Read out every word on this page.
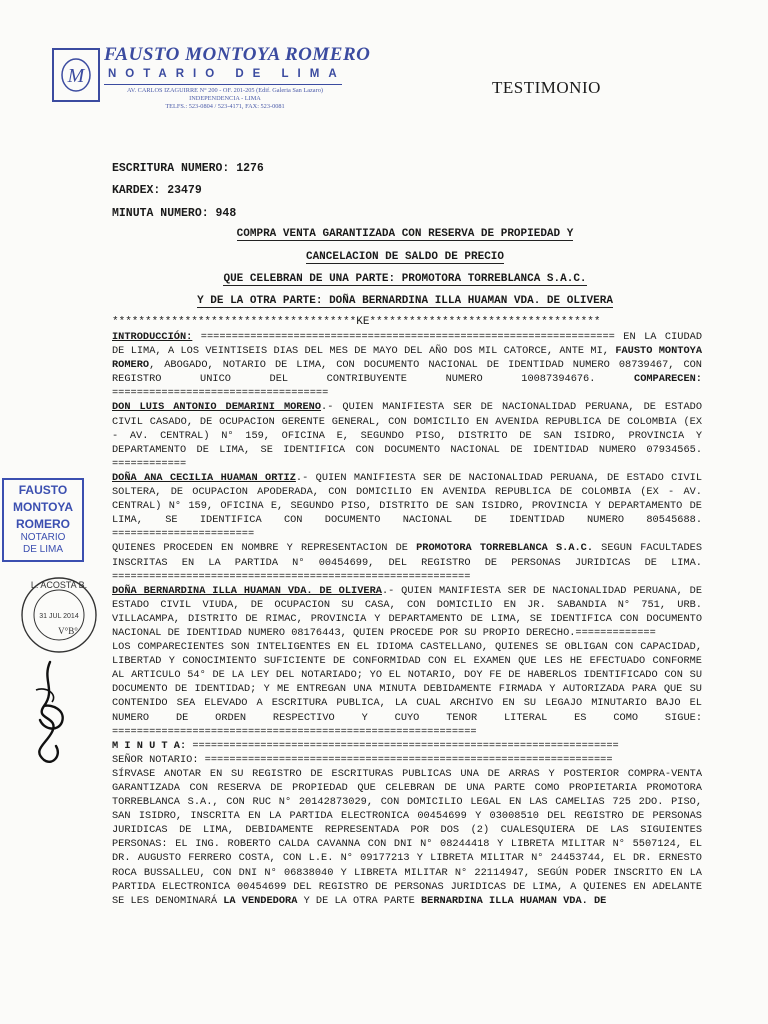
M
FAUSTO MONTOYA ROMERO
NOTARIO DE LIMA
AV. CARLOS IZAGUIRRE N° 200 - OF. 201-205 (Edif. Galeria San Lazaro)
INDEPENDENCIA - LIMA
TELFS.: 523-0804 / 523-4171, FAX: 523-0081
TESTIMONIO
ESCRITURA NUMERO: 1276
KARDEX: 23479
MINUTA NUMERO: 948
COMPRA VENTA GARANTIZADA CON RESERVA DE PROPIEDAD Y
CANCELACION DE SALDO DE PRECIO
QUE CELEBRAN DE UNA PARTE: PROMOTORA TORREBLANCA S.A.C.
Y DE LA OTRA PARTE: DOÑA BERNARDINA ILLA HUAMAN VDA. DE OLIVERA
*************************************KE***********************************

INTRODUCCIÓN: =================================================================== EN LA CIUDAD DE LIMA, A LOS VEINTISEIS DIAS DEL MES DE MAYO DEL AÑO DOS MIL CATORCE, ANTE MI, FAUSTO MONTOYA ROMERO, ABOGADO, NOTARIO DE LIMA, CON DOCUMENTO NACIONAL DE IDENTIDAD NUMERO 08739467, CON REGISTRO UNICO DEL CONTRIBUYENTE NUMERO 10087394676. COMPARECEN: ===================================

DON LUIS ANTONIO DEMARINI MORENO.- QUIEN MANIFIESTA SER DE NACIONALIDAD PERUANA, DE ESTADO CIVIL CASADO, DE OCUPACION GERENTE GENERAL, CON DOMICILIO EN AVENIDA REPUBLICA DE COLOMBIA (EX - AV. CENTRAL) N° 159, OFICINA E, SEGUNDO PISO, DISTRITO DE SAN ISIDRO, PROVINCIA Y DEPARTAMENTO DE LIMA, SE IDENTIFICA CON DOCUMENTO NACIONAL DE IDENTIDAD NUMERO 07934565. ============

DOÑA ANA CECILIA HUAMAN ORTIZ.- QUIEN MANIFIESTA SER DE NACIONALIDAD PERUANA, DE ESTADO CIVIL SOLTERA, DE OCUPACION APODERADA, CON DOMICILIO EN AVENIDA REPUBLICA DE COLOMBIA (EX - AV. CENTRAL) N° 159, OFICINA E, SEGUNDO PISO, DISTRITO DE SAN ISIDRO, PROVINCIA Y DEPARTAMENTO DE LIMA, SE IDENTIFICA CON DOCUMENTO NACIONAL DE IDENTIDAD NUMERO 80545688. =======================

QUIENES PROCEDEN EN NOMBRE Y REPRESENTACION DE PROMOTORA TORREBLANCA S.A.C. SEGUN FACULTADES INSCRITAS EN LA PARTIDA N° 00454699, DEL REGISTRO DE PERSONAS JURIDICAS DE LIMA. ==========================================================

DOÑA BERNARDINA ILLA HUAMAN VDA. DE OLIVERA.- QUIEN MANIFIESTA SER DE NACIONALIDAD PERUANA, DE ESTADO CIVIL VIUDA, DE OCUPACION SU CASA, CON DOMICILIO EN JR. SABANDIA N° 751, URB. VILLACAMPA, DISTRITO DE RIMAC, PROVINCIA Y DEPARTAMENTO DE LIMA, SE IDENTIFICA CON DOCUMENTO NACIONAL DE IDENTIDAD NUMERO 08176443, QUIEN PROCEDE POR SU PROPIO DERECHO.=============

LOS COMPARECIENTES SON INTELIGENTES EN EL IDIOMA CASTELLANO, QUIENES SE OBLIGAN CON CAPACIDAD, LIBERTAD Y CONOCIMIENTO SUFICIENTE DE CONFORMIDAD CON EL EXAMEN QUE LES HE EFECTUADO CONFORME AL ARTICULO 54° DE LA LEY DEL NOTARIADO; YO EL NOTARIO, DOY FE DE HABERLOS IDENTIFICADO CON SU DOCUMENTO DE IDENTIDAD; Y ME ENTREGAN UNA MINUTA DEBIDAMENTE FIRMADA Y AUTORIZADA PARA QUE SU CONTENIDO SEA ELEVADO A ESCRITURA PUBLICA, LA CUAL ARCHIVO EN SU LEGAJO MINUTARIO BAJO EL NUMERO DE ORDEN RESPECTIVO Y CUYO TENOR LITERAL ES COMO SIGUE: ===========================================================

M I N U T A: =====================================================================

SEÑOR NOTARIO: ==================================================================

SÍRVASE ANOTAR EN SU REGISTRO DE ESCRITURAS PUBLICAS UNA DE ARRAS Y POSTERIOR COMPRA-VENTA GARANTIZADA CON RESERVA DE PROPIEDAD QUE CELEBRAN DE UNA PARTE COMO PROPIETARIA PROMOTORA TORREBLANCA S.A., CON RUC N° 20142873029, CON DOMICILIO LEGAL EN LAS CAMELIAS 725 2DO. PISO, SAN ISIDRO, INSCRITA EN LA PARTIDA ELECTRONICA 00454699 Y 03008510 DEL REGISTRO DE PERSONAS JURIDICAS DE LIMA, DEBIDAMENTE REPRESENTADA POR DOS (2) CUALESQUIERA DE LAS SIGUIENTES PERSONAS: EL ING. ROBERTO CALDA CAVANNA CON DNI N° 08244418 Y LIBRETA MILITAR N° 5507124, EL DR. AUGUSTO FERRERO COSTA, CON L.E. N° 09177213 Y LIBRETA MILITAR N° 24453744, EL DR. ERNESTO ROCA BUSSALLEU, CON DNI N° 06838040 Y LIBRETA MILITAR N° 22114947, SEGÚN PODER INSCRITO EN LA PARTIDA ELECTRONICA 00454699 DEL REGISTRO DE PERSONAS JURIDICAS DE LIMA, A QUIENES EN ADELANTE SE LES DENOMINARÁ LA VENDEDORA Y DE LA OTRA PARTE BERNARDINA ILLA HUAMAN VDA. DE

FAUSTO
MONTOYA
ROMERO
NOTARIO
DE LIMA
L. ACOSTA B.
31 JUL 2014
V°B°
